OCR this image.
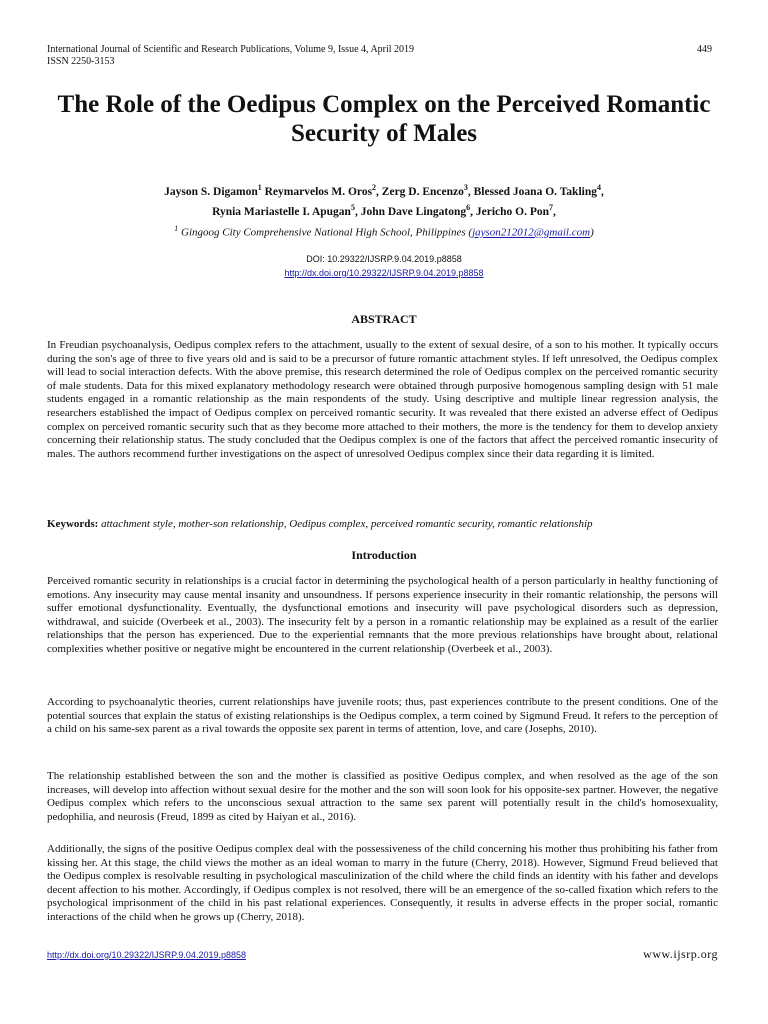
International Journal of Scientific and Research Publications, Volume 9, Issue 4, April 2019
ISSN 2250-3153
449
The Role of the Oedipus Complex on the Perceived Romantic Security of Males
Jayson S. Digamon$^1$ Reymarvelos M. Oros$^2$, Zerg D. Encenzo$^3$, Blessed Joana O. Takling$^4$,
Rynia Mariastelle I. Apugan$^5$, John Dave Lingatong$^6$, Jericho O. Pon$^7$,
$^1$ Gingoog City Comprehensive National High School, Philippines (jayson212012@gmail.com)
DOI: 10.29322/IJSRP.9.04.2019.p8858
http://dx.doi.org/10.29322/IJSRP.9.04.2019.p8858
ABSTRACT
In Freudian psychoanalysis, Oedipus complex refers to the attachment, usually to the extent of sexual desire, of a son to his mother. It typically occurs during the son's age of three to five years old and is said to be a precursor of future romantic attachment styles. If left unresolved, the Oedipus complex will lead to social interaction defects. With the above premise, this research determined the role of Oedipus complex on the perceived romantic security of male students. Data for this mixed explanatory methodology research were obtained through purposive homogenous sampling design with 51 male students engaged in a romantic relationship as the main respondents of the study. Using descriptive and multiple linear regression analysis, the researchers established the impact of Oedipus complex on perceived romantic security. It was revealed that there existed an adverse effect of Oedipus complex on perceived romantic security such that as they become more attached to their mothers, the more is the tendency for them to develop anxiety concerning their relationship status. The study concluded that the Oedipus complex is one of the factors that affect the perceived romantic insecurity of males. The authors recommend further investigations on the aspect of unresolved Oedipus complex since their data regarding it is limited.
Keywords: attachment style, mother-son relationship, Oedipus complex, perceived romantic security, romantic relationship
Introduction
Perceived romantic security in relationships is a crucial factor in determining the psychological health of a person particularly in healthy functioning of emotions. Any insecurity may cause mental insanity and unsoundness. If persons experience insecurity in their romantic relationship, the persons will suffer emotional dysfunctionality. Eventually, the dysfunctional emotions and insecurity will pave psychological disorders such as depression, withdrawal, and suicide (Overbeek et al., 2003). The insecurity felt by a person in a romantic relationship may be explained as a result of the earlier relationships that the person has experienced. Due to the experiential remnants that the more previous relationships have brought about, relational complexities whether positive or negative might be encountered in the current relationship (Overbeek et al., 2003).
According to psychoanalytic theories, current relationships have juvenile roots; thus, past experiences contribute to the present conditions. One of the potential sources that explain the status of existing relationships is the Oedipus complex, a term coined by Sigmund Freud. It refers to the perception of a child on his same-sex parent as a rival towards the opposite sex parent in terms of attention, love, and care (Josephs, 2010).
The relationship established between the son and the mother is classified as positive Oedipus complex, and when resolved as the age of the son increases, will develop into affection without sexual desire for the mother and the son will soon look for his opposite-sex partner. However, the negative Oedipus complex which refers to the unconscious sexual attraction to the same sex parent will potentially result in the child's homosexuality, pedophilia, and neurosis (Freud, 1899 as cited by Haiyan et al., 2016).
Additionally, the signs of the positive Oedipus complex deal with the possessiveness of the child concerning his mother thus prohibiting his father from kissing her. At this stage, the child views the mother as an ideal woman to marry in the future (Cherry, 2018). However, Sigmund Freud believed that the Oedipus complex is resolvable resulting in psychological masculinization of the child where the child finds an identity with his father and develops decent affection to his mother. Accordingly, if Oedipus complex is not resolved, there will be an emergence of the so-called fixation which refers to the psychological imprisonment of the child in his past relational experiences. Consequently, it results in adverse effects in the proper social, romantic interactions of the child when he grows up (Cherry, 2018).
http://dx.doi.org/10.29322/IJSRP.9.04.2019.p8858	www.ijsrp.org
